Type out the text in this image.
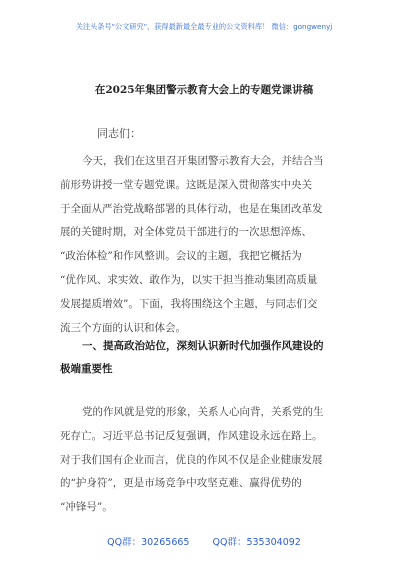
关注头条号"公文研究"，获得最新最全最专业的公文资料库！ 微信：gongwenyj
在2025年集团警示教育大会上的专题党课讲稿
同志们：
今天，我们在这里召开集团警示教育大会，并结合当
前形势讲授一堂专题党课。这既是深入贯彻落实中央关
于全面从严治党战略部署的具体行动，也是在集团改革发
展的关键时期，对全体党员干部进行的一次思想淬炼、
“政治体检”和作风整训。会议的主题，我把它概括为
“优作风、求实效、敢作为，以实干担当推动集团高质量
发展提质增效”。下面，我将围绕这个主题，与同志们交
流三个方面的认识和体会。
一、提高政治站位，深刻认识新时代加强作风建设的
极端重要性
党的作风就是党的形象，关系人心向背，关系党的生
死存亡。习近平总书记反复强调，作风建设永远在路上。
对于我们国有企业而言，优良的作风不仅是企业健康发展
的“护身符”，更是市场竞争中攻坚克难、赢得优势的
“冲锋号”。
QQ群：30265665 QQ群：535304092
